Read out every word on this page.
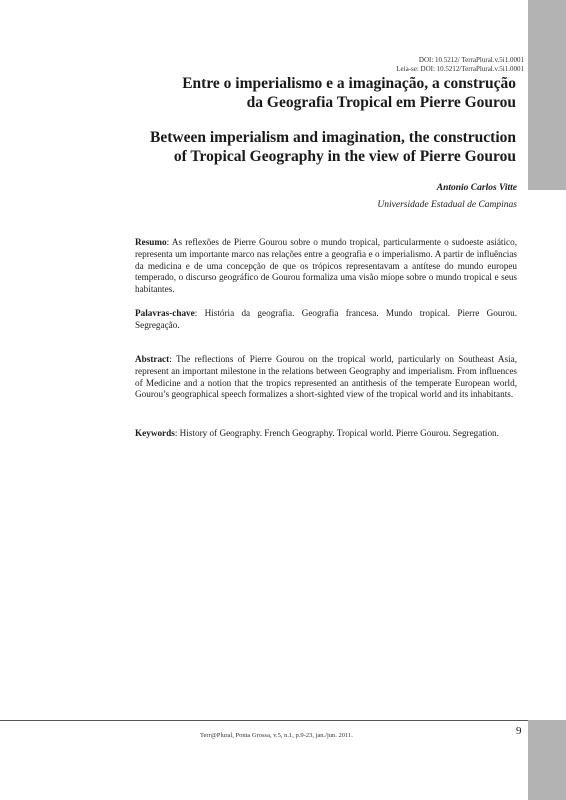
DOI: 10.5212/ TerraPlural.v.5i1.0001
Leia-se: DOI: 10.5212/TerraPlural.v.5i1.0001
Entre o imperialismo e a imaginação, a construção
da Geografia Tropical em Pierre Gourou
Between imperialism and imagination, the construction
of Tropical Geography in the view of Pierre Gourou
Antonio Carlos Vitte
Universidade Estadual de Campinas
Resumo: As reflexões de Pierre Gourou sobre o mundo tropical, particularmente o sudoeste asiático, representa um importante marco nas relações entre a geografia e o imperialismo. A partir de influências da medicina e de uma concepção de que os trópicos representavam a antítese do mundo europeu temperado, o discurso geográfico de Gourou formaliza uma visão míope sobre o mundo tropical e seus habitantes.
Palavras-chave: História da geografia. Geografia francesa. Mundo tropical. Pierre Gourou. Segregação.
Abstract: The reflections of Pierre Gourou on the tropical world, particularly on Southeast Asia, represent an important milestone in the relations between Geography and imperialism. From influences of Medicine and a notion that the tropics represented an antithesis of the temperate European world, Gourou’s geographical speech formalizes a short-sighted view of the tropical world and its inhabitants.
Keywords: History of Geography. French Geography. Tropical world. Pierre Gourou. Segregation.
Terr@Plural, Ponta Grossa, v.5, n.1, p.9-23, jan./jun. 2011.	9
